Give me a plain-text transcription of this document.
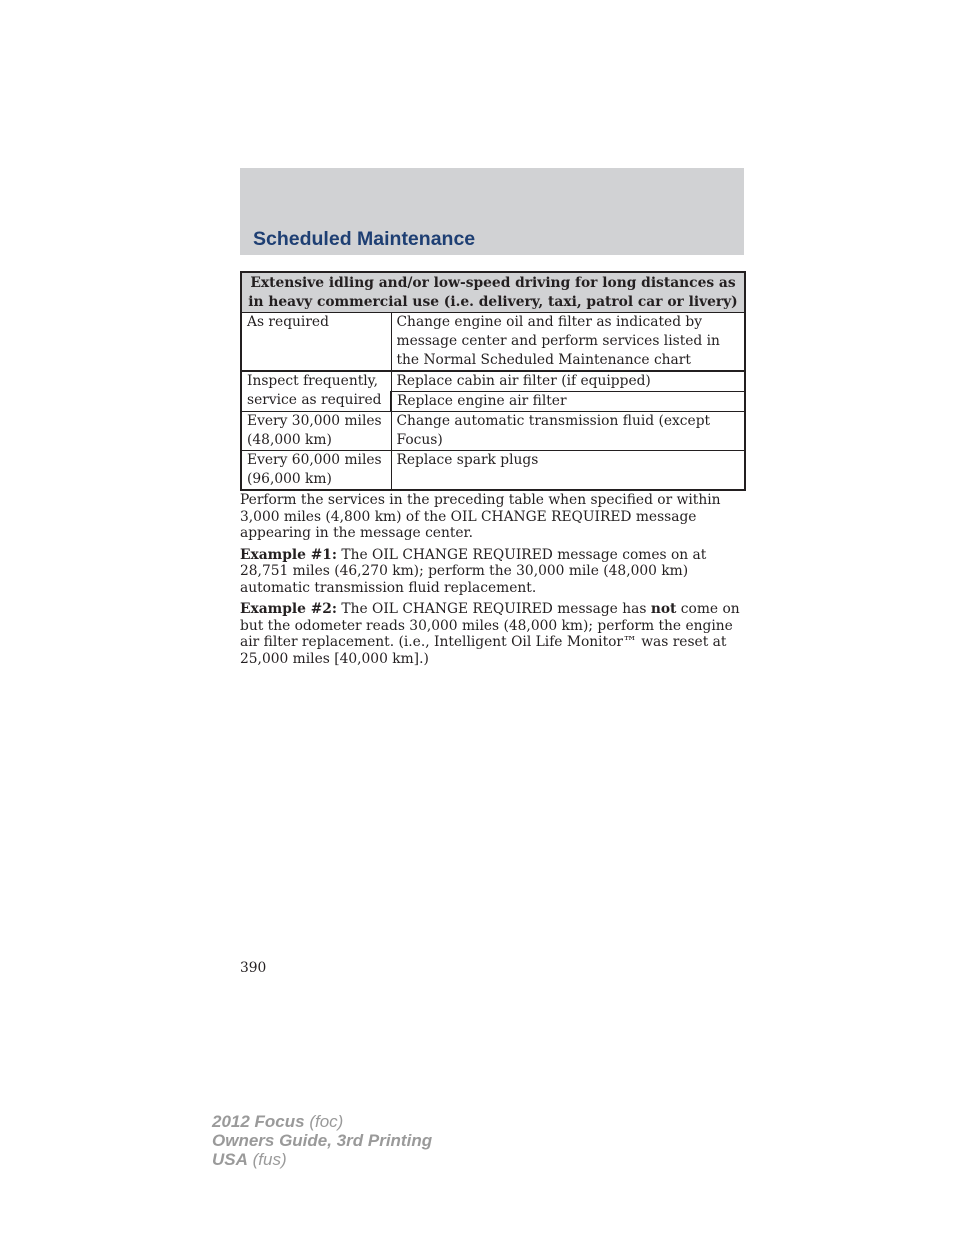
Scheduled Maintenance
Extensive idling and/or low-speed driving for long distances as in heavy commercial use (i.e. delivery, taxi, patrol car or livery)	
As required	Change engine oil and filter as indicated by message center and perform services listed in the Normal Scheduled Maintenance chart
Inspect frequently, service as required	Replace cabin air filter (if equipped)
	Replace engine air filter
Every 30,000 miles (48,000 km)	Change automatic transmission fluid (except Focus)
Every 60,000 miles (96,000 km)	Replace spark plugs

Perform the services in the preceding table when specified or within 3,000 miles (4,800 km) of the OIL CHANGE REQUIRED message appearing in the message center.

Example #1: The OIL CHANGE REQUIRED message comes on at 28,751 miles (46,270 km); perform the 30,000 mile (48,000 km) automatic transmission fluid replacement.

Example #2: The OIL CHANGE REQUIRED message has not come on but the odometer reads 30,000 miles (48,000 km); perform the engine air filter replacement. (i.e., Intelligent Oil Life Monitor™ was reset at 25,000 miles [40,000 km].)

390
2012 Focus (foc)
Owners Guide, 3rd Printing
USA (fus)
